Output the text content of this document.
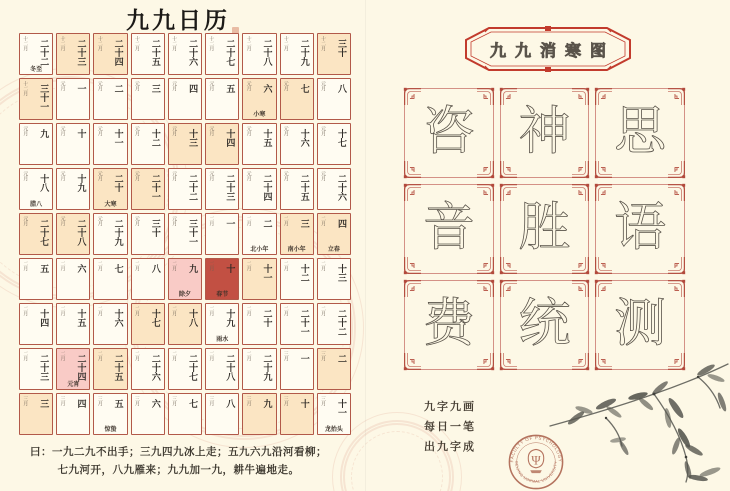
九九日历
十二月 二十二
冬至
十二月 二十三 十二月 二十四 十二月 二十五 十二月 二十六 十二月 二十七 十二月 二十八 十二月 二十九 十二月 三十
十二月 三十一 元月 一 元月 二 元月 三 元月 四 元月 五 元月 六
小寒
元月 七 元月 八
元月 九 元月 十 元月 十一 元月 十二 元月 十三 元月 十四 元月 十五 元月 十六 元月 十七
元月 十八
腊八
元月 十九 元月 二十
大寒
元月 二十一 元月 二十二 元月 二十三 元月 二十四 元月 二十五 元月 二十六
元月 二十七 元月 二十八 元月 二十九 元月 三十 元月 三十一 二月 一 二月 二
北小年
二月 三
南小年
二月 四
立春
二月 五 二月 六 二月 七 二月 八 二月 九
除夕
二月 十
春节
二月 十一 二月 十二 二月 十三
二月 十四 二月 十五 二月 十六 二月 十七 二月 十八 二月 十九
雨水
二月 二十 二月 二十一 二月 二十二
二月 二十三 二月 二十四
元宵
二月 二十五 二月 二十六 二月 二十七 二月 二十八 二月 二十九 三月 一 三月 二
三月 三 三月 四 三月 五
惊蛰
三月 六 三月 七 三月 八 三月 九 三月 十 三月 十一
龙抬头
曰：一九二九不出手；三九四九冰上走；五九六九沿河看柳；
七九河开，八九雁来；九九加一九，耕牛遍地走。
九九消寒图
咨 神 思
音 胜 语
费 统 测
九字九画
每日一笔
出九字成
FACULTY OF PSYCHOLOGY
BEIJING NORMAL UNIVERSITY
Ψ
